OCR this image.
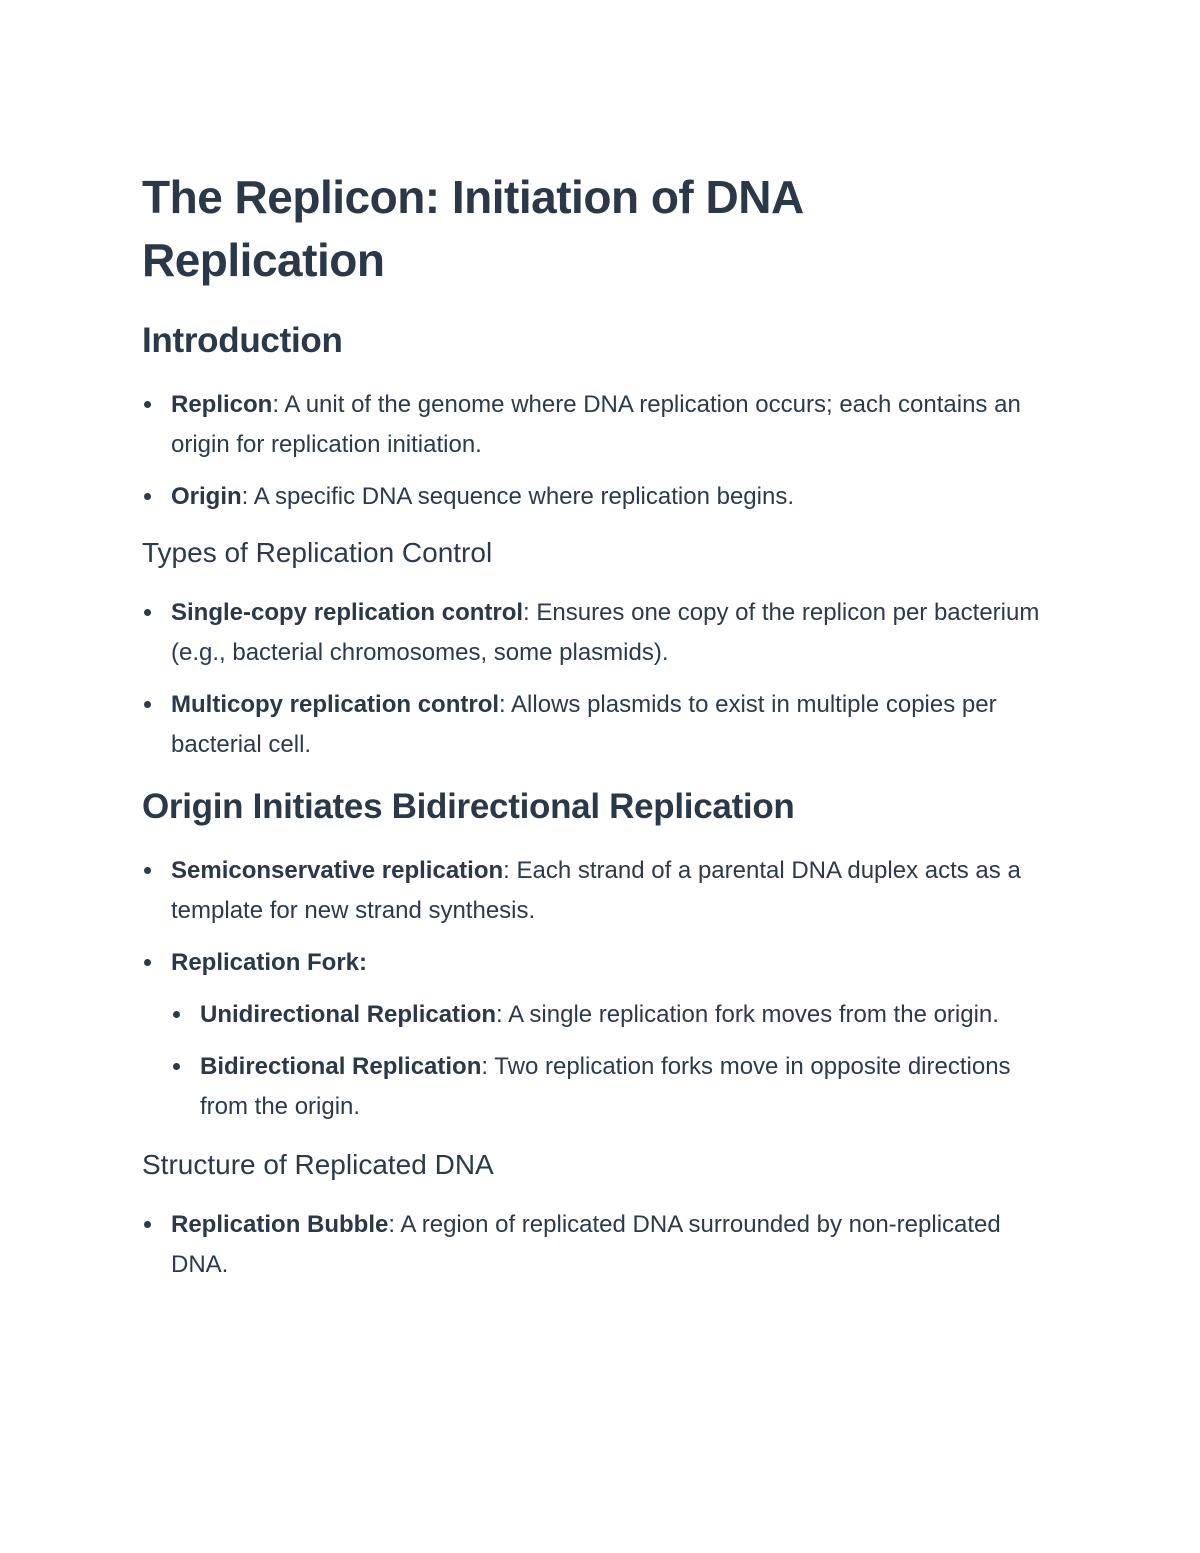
The Replicon: Initiation of DNA Replication
Introduction
Replicon: A unit of the genome where DNA replication occurs; each contains an origin for replication initiation.
Origin: A specific DNA sequence where replication begins.
Types of Replication Control
Single-copy replication control: Ensures one copy of the replicon per bacterium (e.g., bacterial chromosomes, some plasmids).
Multicopy replication control: Allows plasmids to exist in multiple copies per bacterial cell.
Origin Initiates Bidirectional Replication
Semiconservative replication: Each strand of a parental DNA duplex acts as a template for new strand synthesis.
Replication Fork:
Unidirectional Replication: A single replication fork moves from the origin.
Bidirectional Replication: Two replication forks move in opposite directions from the origin.
Structure of Replicated DNA
Replication Bubble: A region of replicated DNA surrounded by non-replicated DNA.
